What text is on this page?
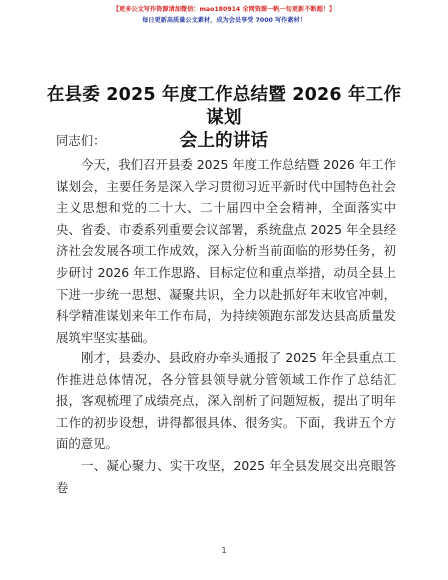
【更多公文写作资源请加微信：mao180914 全网资源一帆一旬更新不断超！】
每日更新高质量公文素材，成为会员享受 7000 写作素材！
在县委 2025 年度工作总结暨 2026 年工作谋划
会上的讲话
同志们：

今天，我们召开县委 2025 年度工作总结暨 2026 年工作谋划会，主要任务是深入学习贯彻习近平新时代中国特色社会主义思想和党的二十大、二十届四中全会精神，全面落实中央、省委、市委系列重要会议部署，系统盘点 2025 年全县经济社会发展各项工作成效，深入分析当前面临的形势任务，初步研讨 2026 年工作思路、目标定位和重点举措，动员全县上下进一步统一思想、凝聚共识，全力以赴抓好年末收官冲刺，科学精准谋划来年工作布局，为持续领跑东部发达县高质量发展筑牢坚实基础。

刚才，县委办、县政府办牵头通报了 2025 年全县重点工作推进总体情况，各分管县领导就分管领域工作作了总结汇报，客观梳理了成绩亮点，深入剖析了问题短板，提出了明年工作的初步设想，讲得都很具体、很务实。下面，我讲五个方面的意见。

一、凝心聚力、实干攻坚，2025 年全县发展交出亮眼答卷

1
